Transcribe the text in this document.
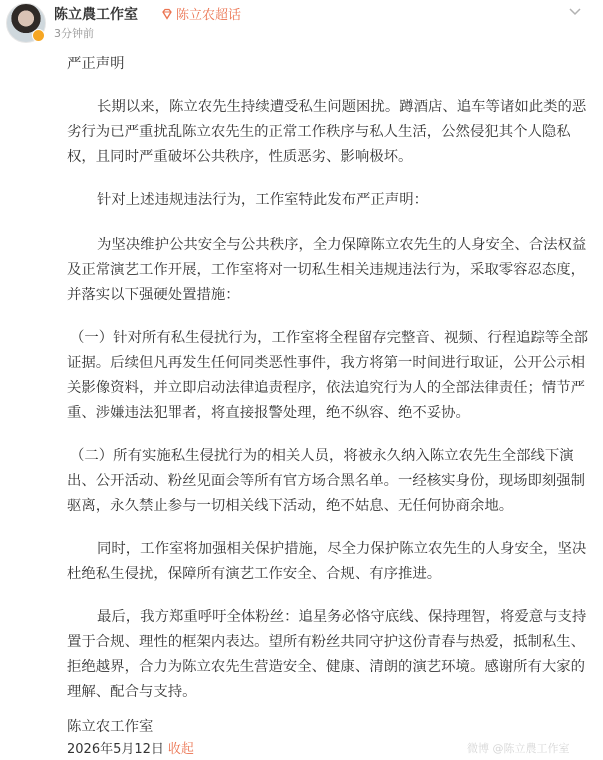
陈立農工作室	陈立农超话
3分钟前
严正声明
长期以来，陈立农先生持续遭受私生问题困扰。蹲酒店、追车等诸如此类的恶
劣行为已严重扰乱陈立农先生的正常工作秩序与私人生活，公然侵犯其个人隐私
权，且同时严重破坏公共秩序，性质恶劣、影响极坏。
针对上述违规违法行为，工作室特此发布严正声明：
为坚决维护公共安全与公共秩序，全力保障陈立农先生的人身安全、合法权益
及正常演艺工作开展，工作室将对一切私生相关违规违法行为，采取零容忍态度，
并落实以下强硬处置措施：
（一）针对所有私生侵扰行为，工作室将全程留存完整音、视频、行程追踪等全部
证据。后续但凡再发生任何同类恶性事件，我方将第一时间进行取证，公开公示相
关影像资料，并立即启动法律追责程序，依法追究行为人的全部法律责任；情节严
重、涉嫌违法犯罪者，将直接报警处理，绝不纵容、绝不妥协。
（二）所有实施私生侵扰行为的相关人员，将被永久纳入陈立农先生全部线下演
出、公开活动、粉丝见面会等所有官方场合黑名单。一经核实身份，现场即刻强制
驱离，永久禁止参与一切相关线下活动，绝不姑息、无任何协商余地。
同时，工作室将加强相关保护措施，尽全力保护陈立农先生的人身安全，坚决
杜绝私生侵扰，保障所有演艺工作安全、合规、有序推进。
最后，我方郑重呼吁全体粉丝：追星务必恪守底线、保持理智，将爱意与支持
置于合规、理性的框架内表达。望所有粉丝共同守护这份青春与热爱，抵制私生、
拒绝越界，合力为陈立农先生营造安全、健康、清朗的演艺环境。感谢所有大家的
理解、配合与支持。
陈立农工作室
2026年5月12日 收起	微博 @陈立農工作室
